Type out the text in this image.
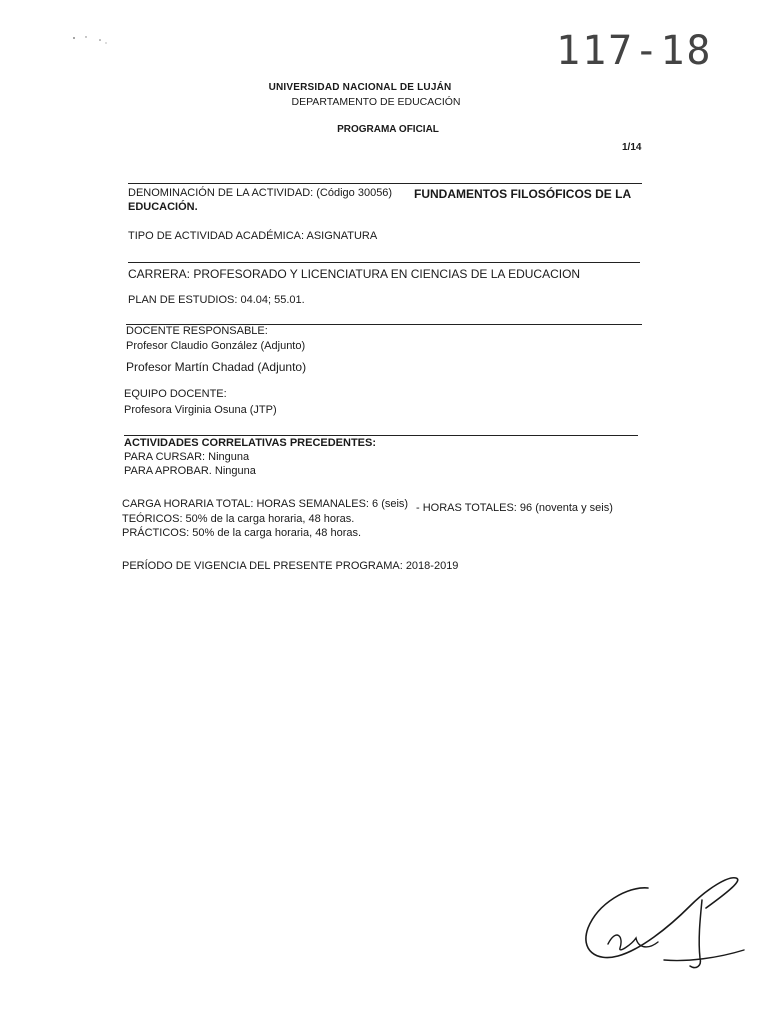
117-18
UNIVERSIDAD NACIONAL DE LUJÁN
DEPARTAMENTO DE EDUCACIÓN
PROGRAMA OFICIAL
1/14
DENOMINACIÓN DE LA ACTIVIDAD: (Código 30056) FUNDAMENTOS FILOSÓFICOS DE LA
EDUCACIÓN.
TIPO DE ACTIVIDAD ACADÉMICA: ASIGNATURA
CARRERA: PROFESORADO Y LICENCIATURA EN CIENCIAS DE LA EDUCACION
PLAN DE ESTUDIOS: 04.04; 55.01.
DOCENTE RESPONSABLE:
Profesor Claudio González (Adjunto)
Profesor Martín Chadad (Adjunto)
EQUIPO DOCENTE:
Profesora Virginia Osuna (JTP)
ACTIVIDADES CORRELATIVAS PRECEDENTES:
PARA CURSAR: Ninguna
PARA APROBAR. Ninguna
CARGA HORARIA TOTAL: HORAS SEMANALES: 6 (seis) - HORAS TOTALES: 96 (noventa y seis)
TEÓRICOS: 50% de la carga horaria, 48 horas.
PRÁCTICOS: 50% de la carga horaria, 48 horas.
PERÍODO DE VIGENCIA DEL PRESENTE PROGRAMA: 2018-2019
